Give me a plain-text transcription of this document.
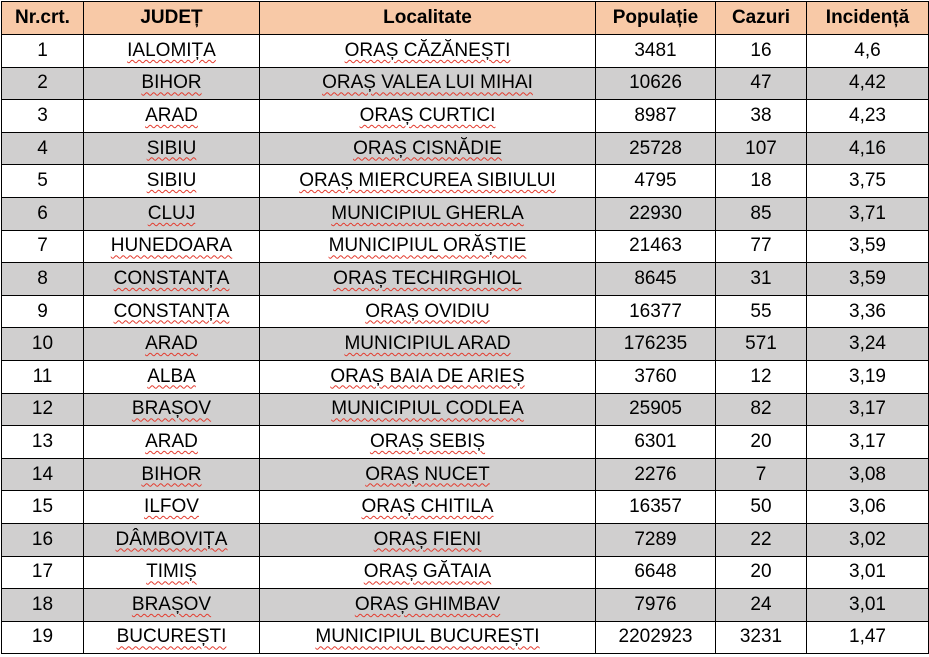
Nr.crt.	JUDEȚ	Localitate	Populație	Cazuri	Incidență
1	IALOMIȚA	ORAȘ CĂZĂNEȘTI	3481	16	4,6
2	BIHOR	ORAȘ VALEA LUI MIHAI	10626	47	4,42
3	ARAD	ORAȘ CURTICI	8987	38	4,23
4	SIBIU	ORAȘ CISNĂDIE	25728	107	4,16
5	SIBIU	ORAȘ MIERCUREA SIBIULUI	4795	18	3,75
6	CLUJ	MUNICIPIUL GHERLA	22930	85	3,71
7	HUNEDOARA	MUNICIPIUL ORĂȘTIE	21463	77	3,59
8	CONSTANȚA	ORAȘ TECHIRGHIOL	8645	31	3,59
9	CONSTANȚA	ORAȘ OVIDIU	16377	55	3,36
10	ARAD	MUNICIPIUL ARAD	176235	571	3,24
11	ALBA	ORAȘ BAIA DE ARIEȘ	3760	12	3,19
12	BRAȘOV	MUNICIPIUL CODLEA	25905	82	3,17
13	ARAD	ORAȘ SEBIȘ	6301	20	3,17
14	BIHOR	ORAȘ NUCET	2276	7	3,08
15	ILFOV	ORAȘ CHITILA	16357	50	3,06
16	DÂMBOVIȚA	ORAȘ FIENI	7289	22	3,02
17	TIMIȘ	ORAȘ GĂTAIA	6648	20	3,01
18	BRAȘOV	ORAȘ GHIMBAV	7976	24	3,01
19	BUCUREȘTI	MUNICIPIUL BUCUREȘTI	2202923	3231	1,47
